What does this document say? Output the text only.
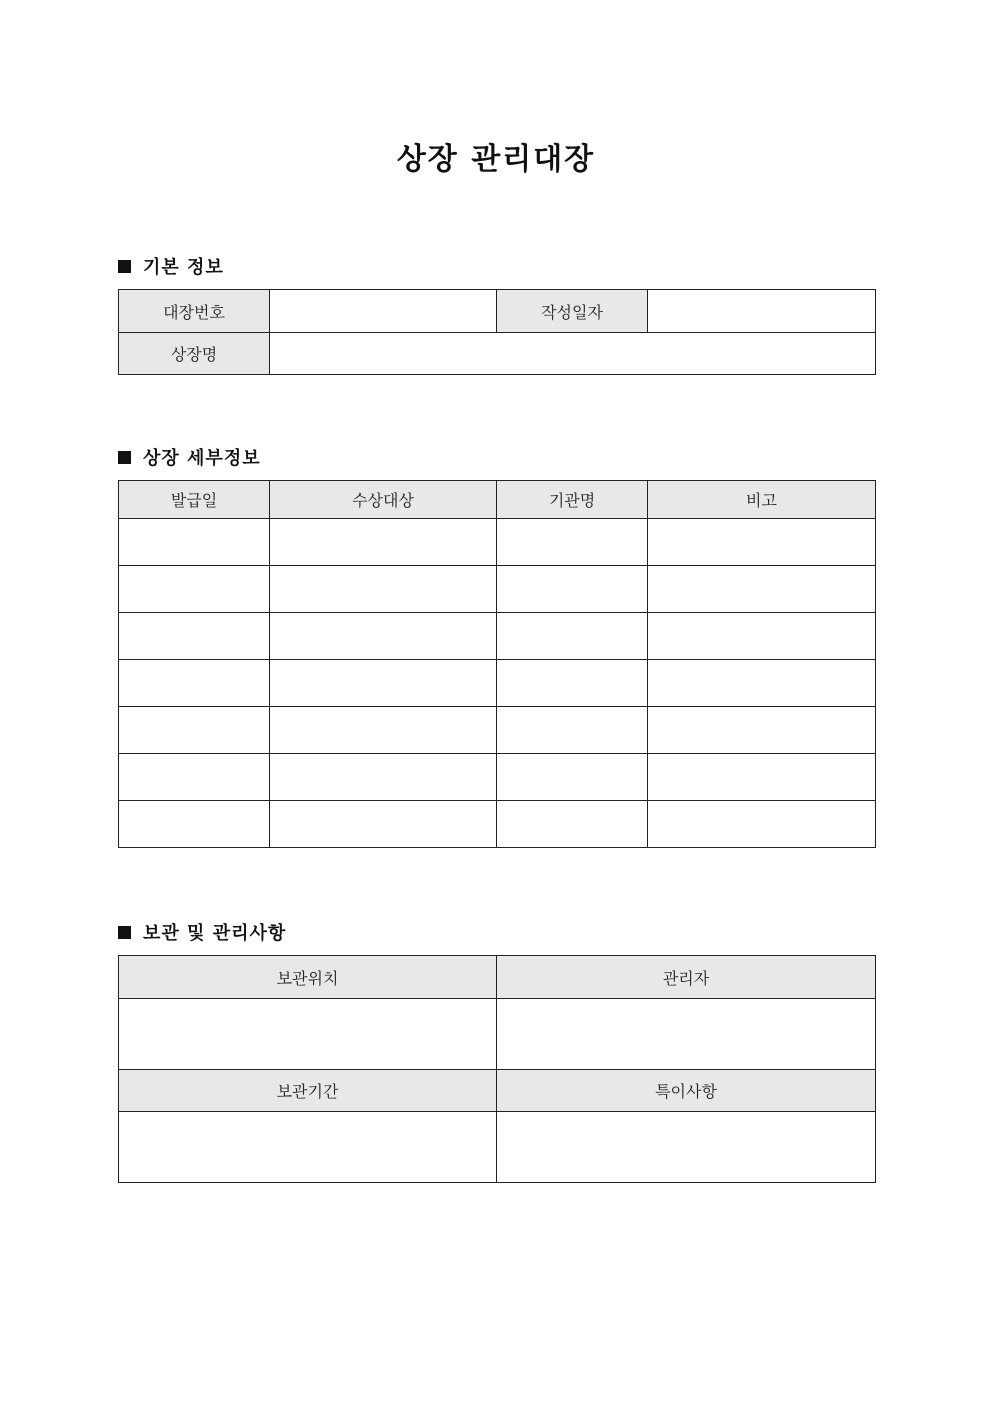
상장 관리대장
기본 정보
대장번호		작성일자	
상장명			
상장 세부정보
발급일	수상대상	기관명	비고

보관 및 관리사항
보관위치	관리자

보관기간	특이사항
